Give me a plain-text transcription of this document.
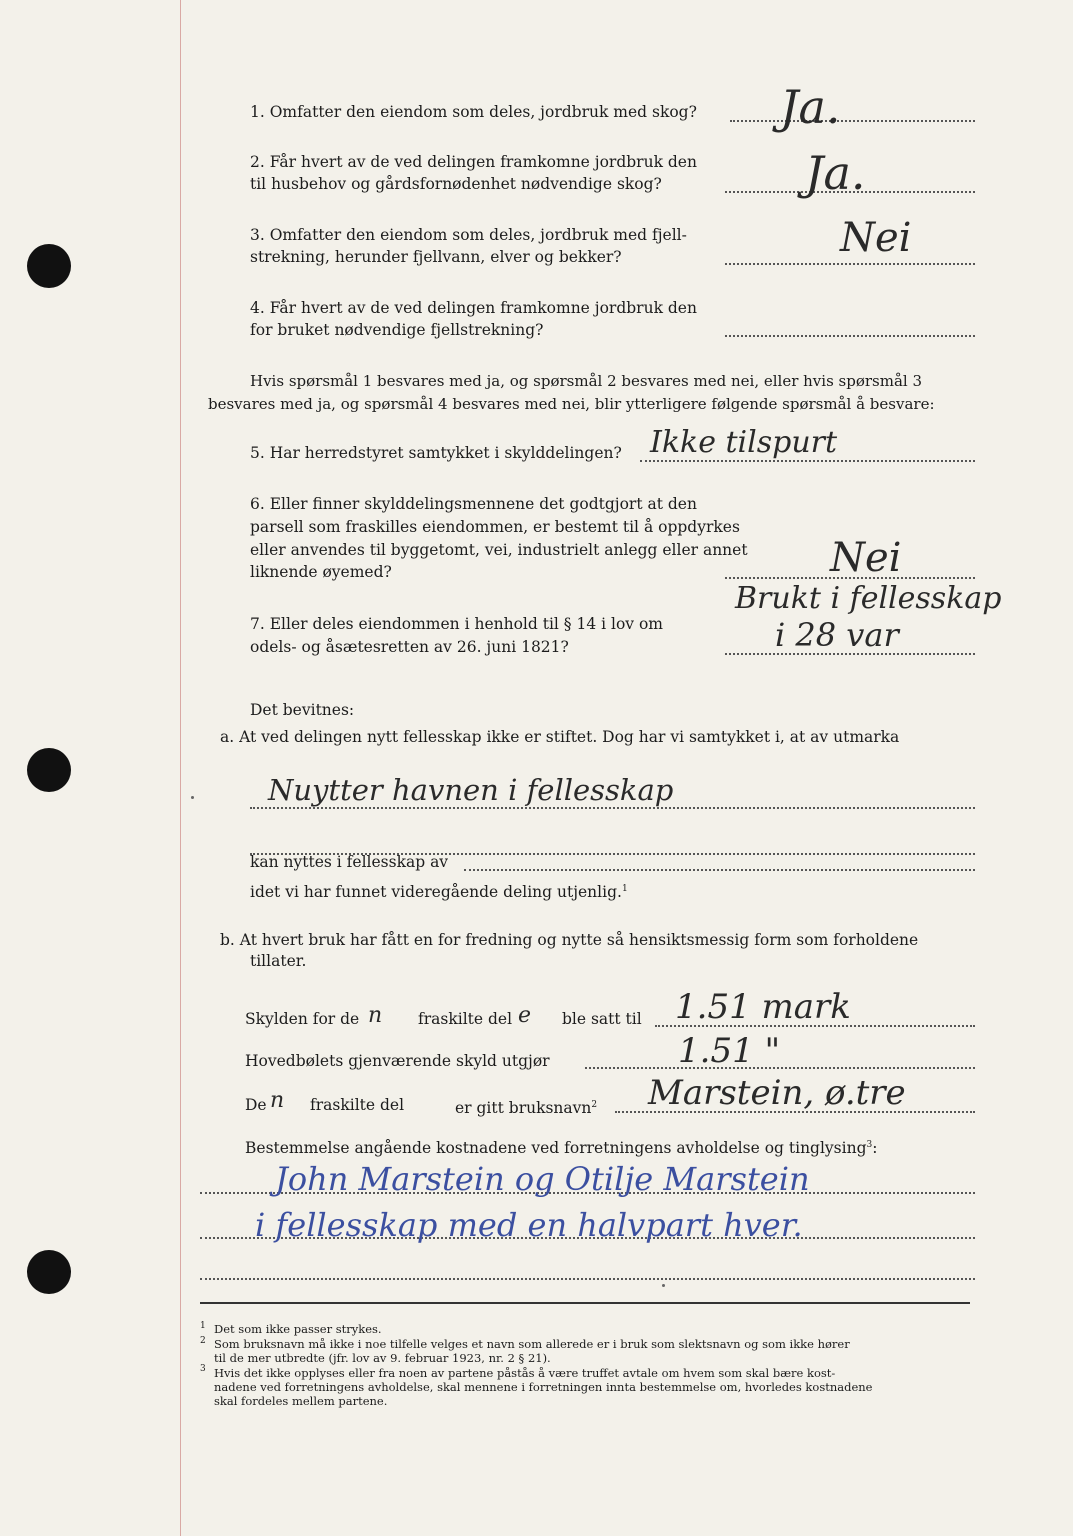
1. Omfatter den eiendom som deles, jordbruk med skog? Ja.
2. Får hvert av de ved delingen framkomne jordbruk den
til husbehov og gårdsfornødenhet nødvendige skog?	Ja.
3. Omfatter den eiendom som deles, jordbruk med fjell-
strekning, herunder fjellvann, elver og bekker?	Nei
4. Får hvert av de ved delingen framkomne jordbruk den
for bruket nødvendige fjellstrekning?
Hvis spørsmål 1 besvares med ja, og spørsmål 2 besvares med nei, eller hvis spørsmål 3
besvares med ja, og spørsmål 4 besvares med nei, blir ytterligere følgende spørsmål å besvare:
5. Har herredstyret samtykket i skylddelingen? Ikke tilspurt
6. Eller finner skylddelingsmennene det godtgjort at den
parsell som fraskilles eiendommen, er bestemt til å oppdyrkes
eller anvendes til byggetomt, vei, industrielt anlegg eller annet
liknende øyemed?	Nei
7. Eller deles eiendommen i henhold til § 14 i lov om
odels- og åsætesretten av 26. juni 1821?
Brukt i fellesskap
i 28 var
Det bevitnes:
a. At ved delingen nytt fellesskap ikke er stiftet. Dog har vi samtykket i, at av utmarka
Nuytter havnen i fellesskap
kan nyttes i fellesskap av
idet vi har funnet videregående deling utjenlig.$^1$
b. At hvert bruk har fått en for fredning og nytte så hensiktsmessig form som forholdene
tillater.
Skylden for de n fraskilte del e ble satt til 1.51 mark
Hovedbølets gjenværende skyld utgjør	1.51 "
De n fraskilte del	er gitt bruksnavn$^2$ Marstein, ø.tre
Bestemmelse angående kostnadene ved forretningens avholdelse og tinglysing$^3$:
John Marstein og Otilje Marstein
i fellesskap med en halvpart hver.
1 Det som ikke passer strykes.
2 Som bruksnavn må ikke i noe tilfelle velges et navn som allerede er i bruk som slektsnavn og som ikke hører
til de mer utbredte (jfr. lov av 9. februar 1923, nr. 2 § 21).
3 Hvis det ikke opplyses eller fra noen av partene påstås å være truffet avtale om hvem som skal bære kost-
nadene ved forretningens avholdelse, skal mennene i forretningen innta bestemmelse om, hvorledes kostnadene
skal fordeles mellem partene.
